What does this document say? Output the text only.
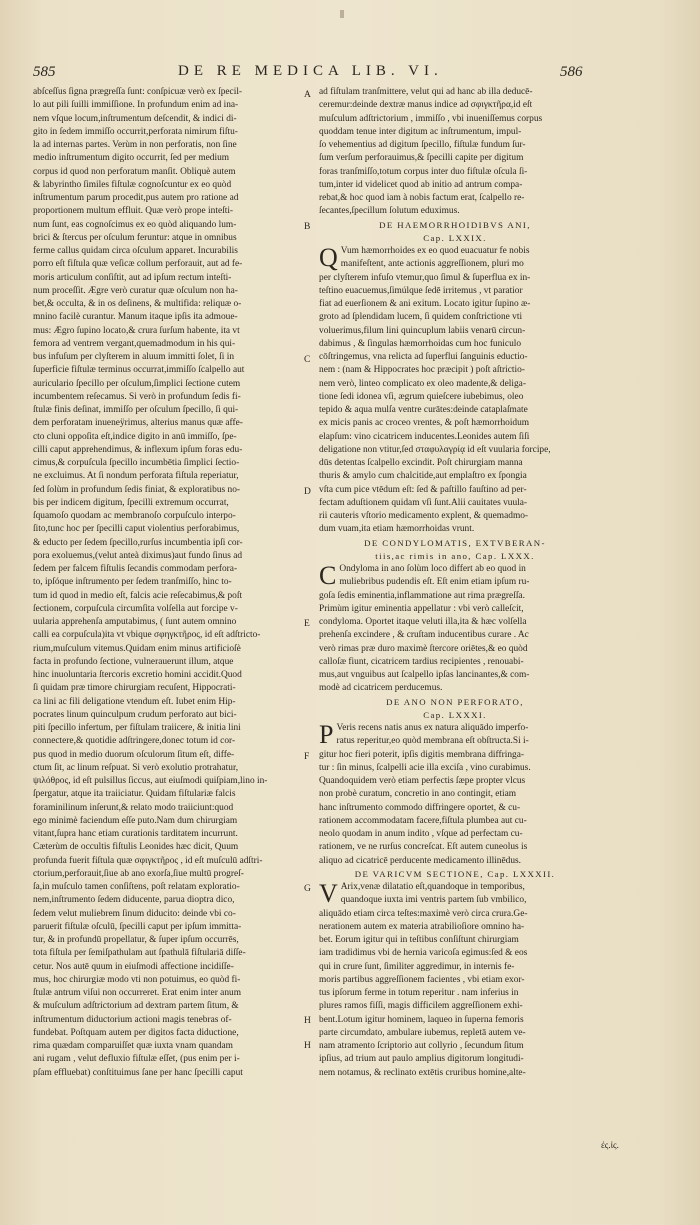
585	DE RE MEDICA LIB. VI.	586
abſceſſus ſigna prægreſſa ſunt: conſpicuæ verò ex ſpecil-
lo aut pili ſuilli immiſſione. In profundum enim ad ina-
nem vſque locum,inſtrumentum deſcendit, & indici di-
gito in ſedem immiſſo occurrit,perforata nimirum fiſtu-
la ad internas partes. Verùm in non perforatis, non ſine
medio inſtrumentum digito occurrit, ſed per medium
corpus id quod non perforatum manſit. Obliquè autem
& labyrintho ſimiles fiſtulæ cognoſcuntur ex eo quòd
inſtrumentum parum procedit,pus autem pro ratione ad
proportionem multum effluit. Quæ verò prope inteſti-
num ſunt, eas cognoſcimus ex eo quòd aliquando lum-
brici & ſtercus per oſculum feruntur: atque in omnibus
ferme callus quidam circa oſculum apparet. Incurabilis
porro eſt fiſtula quæ veſicæ collum perforauit, aut ad fe-
moris articulum conſiſtit, aut ad ipſum rectum inteſti-
num proceſſit. Ægre verò curatur quæ oſculum non ha-
bet,& occulta, & in os deſinens, & multifida: reliquæ o-
mnino facilè curantur. Manum itaque ipſis ita admoue-
mus: Ægro ſupino locato,& crura ſurſum habente, ita vt
femora ad ventrem vergant,quemadmodum in his qui-
bus infuſum per clyſterem in aluum immitti ſolet, ſi in
ſuperficie fiſtulæ terminus occurrat,immiſſo ſcalpello aut
auriculario ſpecillo per oſculum,ſimplici ſectione cutem
incumbentem reſecamus. Si verò in profundum ſedis fi-
ſtulæ finis deſinat, immiſſo per oſculum ſpecillo, ſi qui-
dem perforatam inueneÿrimus, alterius manus quæ affe-
cto cluni oppoſita eſt,indice digito in anū immiſſo, ſpe-
cilli caput apprehendimus, & inflexum ipſum foras edu-
cimus,& corpuſcula ſpecillo incumbētia ſimplici ſectio-
ne excluimus. At ſi nondum perforata fiſtula reperiatur,
ſed ſolùm in profundum ſedis finiat, & exploratibus no-
bis per indicem digitum, ſpecilli extremum occurrat,
ſquamoſo quodam ac membranoſo corpuſculo interpo-
ſito,tunc hoc per ſpecilli caput violentius perforabimus,
& educto per ſedem ſpecillo,rurſus incumbentia ipſi cor-
pora exoluemus,(velut anteà diximus)aut fundo ſinus ad
ſedem per falcem fiſtulis ſecandis commodam perfora-
to, ipſóque inſtrumento per ſedem tranſmiſſo, hinc to-
tum id quod in medio eſt, falcis acie reſecabimus,& poſt
ſectionem, corpuſcula circumſita volſella aut forcipe v-
uularia apprehenſa amputabimus, ( ſunt autem omnino
calli ea corpuſcula)ita vt vbique σφηγκτῆρος, id eſt adſtricto-
rium,muſculum vitemus.Quidam enim minus artificioſè
facta in profundo ſectione, vulnerauerunt illum, atque
hinc inuoluntaria ſtercoris excretio homini accidit.Quod
ſi quidam præ timore chirurgiam recuſent, Hippocrati-
ca lini ac fili deligatione vtendum eſt. Iubet enim Hip-
pocrates linum quinculpum crudum perforato aut bici-
piti ſpecillo infertum, per fiſtulam traiicere, & initia lini
connectere,& quotidie adſtringere,donec totum id cor-
pus quod in medio duorum oſculorum ſitum eſt, diffe-
ctum ſit, ac linum reſpuat. Si verò exolutio protrahatur,
ψιλόθρος, id eſt pulsillus ſiccus, aut eiuſmodi quiſpiam,lino in-
ſpergatur, atque ita traiiciatur. Quidam fiſtulariæ falcis
foraminilinum inſerunt,& relato modo traiiciunt:quod
ego minimè faciendum eſſe puto.Nam dum chirurgiam
vitant,ſupra hanc etiam curationis tarditatem incurrunt.
Cæterùm de occultis fiſtulis Leonides hæc dicit, Quum
profunda fuerit fiſtula quæ σφιγκτῆρος , id eſt muſculū adſtri-
ctorium,perforauit,ſiue ab ano exorſa,ſiue multū progreſ-
ſa,in muſculo tamen conſiſtens, poſt relatam exploratio-
nem,inſtrumento ſedem diducente, parua dioptra dico,
ſedem velut muliebrem ſinum diducito: deinde vbi co-
paruerit fiſtulæ oſculū, ſpecilli caput per ipſum immitta-
tur, & in profundū propellatur, & ſuper ipſum occurrēs,
tota fiſtula per ſemiſpathulam aut ſpathulā fiſtulariā diſſe-
cetur. Nos autē quum in eiuſmodi affectione incidiſſe-
mus, hoc chirurgiæ modo vti non potuimus, eo quòd fi-
ſtulæ antrum viſui non occurreret. Erat enim inter anum
& muſculum adſtrictorium ad dextram partem ſitum, &
inſtrumentum diductorium actioni magis tenebras of-
fundebat. Poſtquam autem per digitos facta diductione,
rima quædam comparuiſſet quæ iuxta vnam quandam
ani rugam , velut defluxio fiſtulæ eſſet, (pus enim per i-
pſam effluebat) conſtituimus ſane per hanc ſpecilli caput
A
B
C
D
E
F
G
H
H
ad fiſtulam tranſmittere, velut qui ad hanc ab illa deducē-
ceremur:deinde dextræ manus indice ad σφιγκτῆρα,id eſt
muſculum adſtrictorium , immiſſo , vbi inueniſſemus corpus
quoddam tenue inter digitum ac inſtrumentum, impul-
ſo vehementius ad digitum ſpecillo, fiſtulæ fundum ſur-
ſum verſum perforauimus,& ſpecilli capite per digitum
foras tranſmiſſo,totum corpus inter duo fiſtulæ oſcula ſi-
tum,inter id videlicet quod ab initio ad antrum compa-
rebat,& hoc quod iam à nobis factum erat, ſcalpello re-
ſecantes,ſpecillum ſolutum eduximus.
DE HAEMORRHOIDIBVS ANI,
Cap. LXXIX.
Q Vum hæmorrhoides ex eo quod euacuatur fe nobis
manifeſtent, ante actionis aggreſſionem, pluri mo
per clyſterem infuſo vtemur,quo ſimul & ſuperflua ex in-
teſtino euacuemus,ſimúlque ſedē irritemus , vt paratior
fiat ad euerſionem & ani exitum. Locato igitur ſupino æ-
groto ad ſplendidam lucem, ſi quidem conſtrictione vti
voluerimus,filum lini quincuplum labiis venarū circun-
dabimus , & ſingulas hæmorrhoidas cum hoc funiculo
cōſtringemus, vna relicta ad ſuperflui ſanguinis eductio-
nem : (nam & Hippocrates hoc præcipit ) poſt aſtrictio-
nem verò, linteo complicato ex oleo madente,& deliga-
tione ſedi idonea vſi, ægrum quieſcere iubebimus, oleo
tepido & aqua mulſa ventre curātes:deinde cataplaſmate
ex micis panis ac croceo vrentes, & poſt hæmorrhoidum
elapſum: vino cicatricem inducentes.Leonides autem ſiſi
deligatione non vtitur,ſed σταφυλαγρίᾳ id eſt vuularia forcipe,
dūs detentas ſcalpello excindit. Poſt chirurgiam manna
thuris & amylo cum chalcitide,aut emplaſtro ex ſpongia
vſta cum pice vtēdum eſt: ſed & paſtillo fauſtino ad per-
fectam aduſtionem quidam vſi ſunt.Alii cauitates vuula-
rii cauteris vſtorio medicamento explent, & quemadmo-
dum vuam,ita etiam hæmorrhoidas vrunt.
DE CONDYLOMATIS, EXTVBERAN-
tiis,ac rimis in ano, Cap. LXXX.
C Ondyloma in ano ſolùm loco differt ab eo quod in
muliebribus pudendis eſt. Eſt enim etiam ipſum ru-
goſa ſedis eminentia,inflammatione aut rima prægreſſa.
Primùm igitur eminentia appellatur : vbi verò calleſcit,
condyloma. Oportet itaque veluti illa,ita & hæc volſella
prehenſa excindere , & cruſtam inducentibus curare . Ac
verò rimas præ duro maximè ſtercore oriētes,& eo quòd
calloſæ fiunt, cicatricem tardius recipientes , renouabi-
mus,aut vnguibus aut ſcalpello ipſas lancinantes,& com-
modè ad cicatricem perducemus.
DE ANO NON PERFORATO,
Cap. LXXXI.
P Veris recens natis anus ex natura aliquādo imperfo-
ratus reperitur,eo quòd membrana eſt obſtructa.Si i-
gitur hoc fieri poterit, ipſis digitis membrana diffringa-
tur : ſin minus, ſcalpelli acie illa exciſa , vino curabimus.
Quandoquidem verò etiam perfectis ſæpe propter vlcus
non probè curatum, concretio in ano contingit, etiam
hanc inſtrumento commodo diffringere oportet, & cu-
rationem accommodatam facere,fiſtula plumbea aut cu-
neolo quodam in anum indito , vſque ad perfectam cu-
rationem, ve ne rurſus concreſcat. Eſt autem cuneolus is
aliquo ad cicatricē perducente medicamento illinēdus.
DE VARICVM SECTIONE, Cap. LXXXII.
V Arix,venæ dilatatio eſt,quandoque in temporibus,
quandoque iuxta imi ventris partem ſub vmbilico,
aliquādo etiam circa teſtes:maximè verò circa crura.Ge-
nerationem autem ex materia atrabilioſiore omnino ha-
bet. Eorum igitur qui in teſtibus conſiſtunt chirurgiam
iam tradidimus vbi de hernia varicoſa egimus:ſed & eos
qui in crure ſunt, ſimiliter aggredimur, in internis fe-
moris partibus aggreſſionem facientes , vbi etiam exor-
tus ipſorum ferme in totum reperitur . nam inferius in
plures ramos fiſſi, magis difficilem aggreſſionem exhi-
bent.Lotum igitur hominem, laqueo in ſuperna femoris
parte circumdato, ambulare iubemus, repletā autem ve-
nam atramento ſcriptorio aut collyrio , ſecundum ſitum
ipſius, ad trium aut paulo amplius digitorum longitudi-
nem notamus, & reclinato extētis cruribus homine,alte-
ές.ἰς.
